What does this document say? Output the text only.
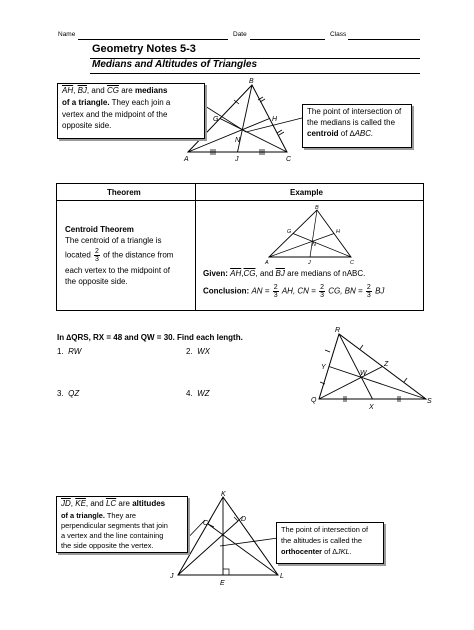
Name	Date	Class
Geometry Notes 5-3
Medians and Altitudes of Triangles
A
B
C
G	H
J
N
$\overline{AH}$, $\overline{BJ}$, and $\overline{CG}$ are medians
of a triangle. They each join a
vertex and the midpoint of the
opposite side.
The point of intersection of
the medians is called the
centroid of ∆ABC.
Theorem	Example
Centroid Theorem
The centroid of a triangle is
located $\frac{2}{3}$ of the distance from
each vertex to the midpoint of
the opposite side.
A
B
C
G	H
J
N
Given: $\overline{AH},\overline{CG}$, and $\overline{BJ}$ are medians of nABC.
Conclusion: AN = $\frac{2}{3}$ AH, CN = $\frac{2}{3}$ CG, BN = $\frac{2}{3}$ BJ
In ∆QRS, RX = 48 and QW = 30. Find each length.
1. RW	2. WX
3. QZ	4. WZ
R
Q	S
X
Y
W
Z
K
J	L
C
D
E
$\overline{JD}$, $\overline{KE}$, and $\overline{LC}$ are altitudes
of a triangle. They are
perpendicular segments that join
a vertex and the line containing
the side opposite the vertex.
The point of intersection of
the altitudes is called the
orthocenter of ∆JKL.
